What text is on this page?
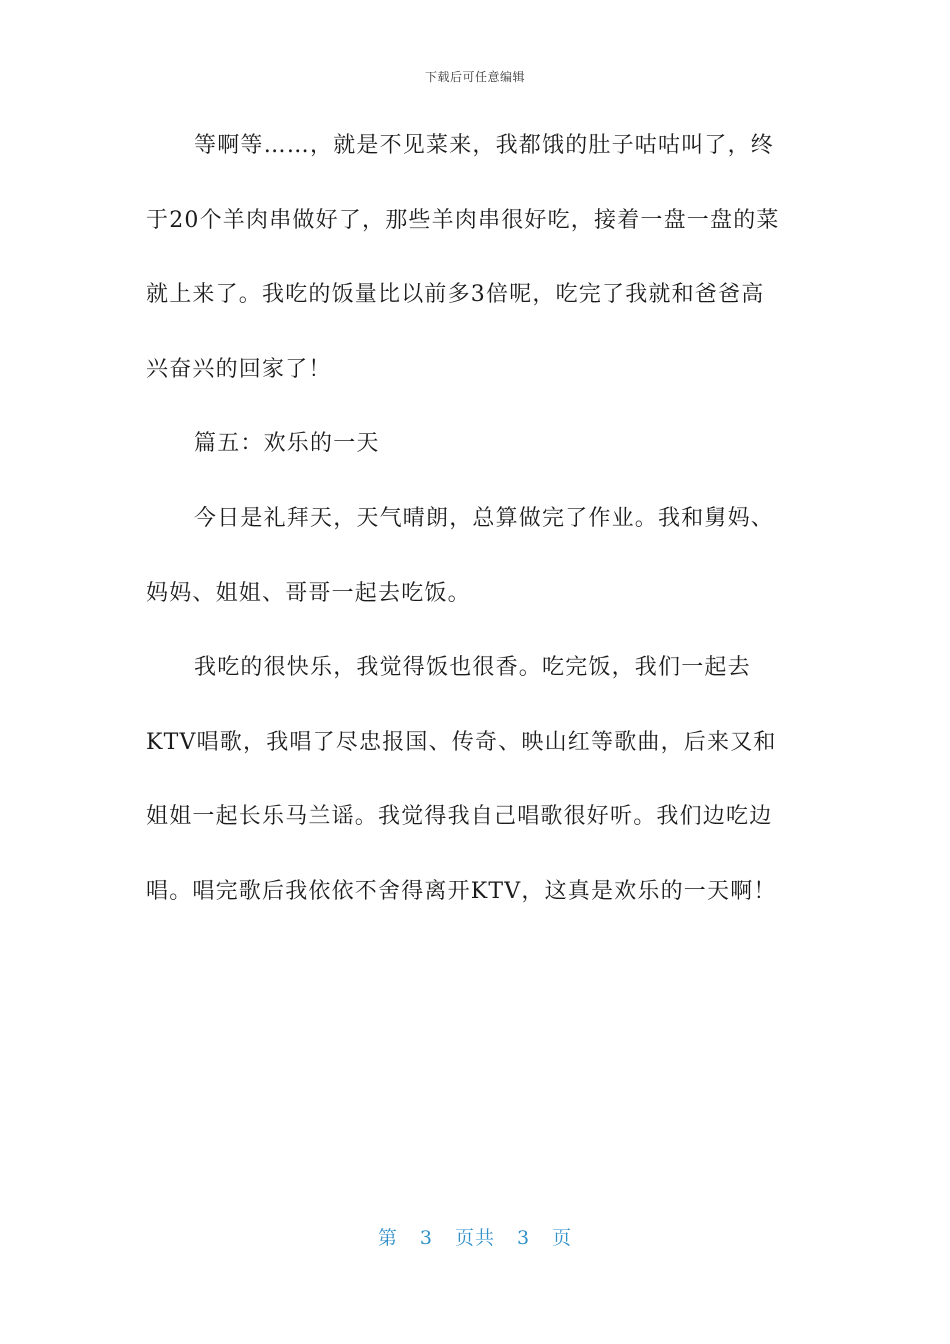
下载后可任意编辑
等啊等……，就是不见菜来，我都饿的肚子咕咕叫了，终
于20个羊肉串做好了，那些羊肉串很好吃，接着一盘一盘的菜
就上来了。我吃的饭量比以前多3倍呢，吃完了我就和爸爸高
兴奋兴的回家了！
篇五：欢乐的一天
今日是礼拜天，天气晴朗，总算做完了作业。我和舅妈、
妈妈、姐姐、哥哥一起去吃饭。
我吃的很快乐，我觉得饭也很香。吃完饭，我们一起去
KTV唱歌，我唱了尽忠报国、传奇、映山红等歌曲，后来又和
姐姐一起长乐马兰谣。我觉得我自己唱歌很好听。我们边吃边
唱。唱完歌后我依依不舍得离开KTV，这真是欢乐的一天啊！
第 3 页共 3 页
